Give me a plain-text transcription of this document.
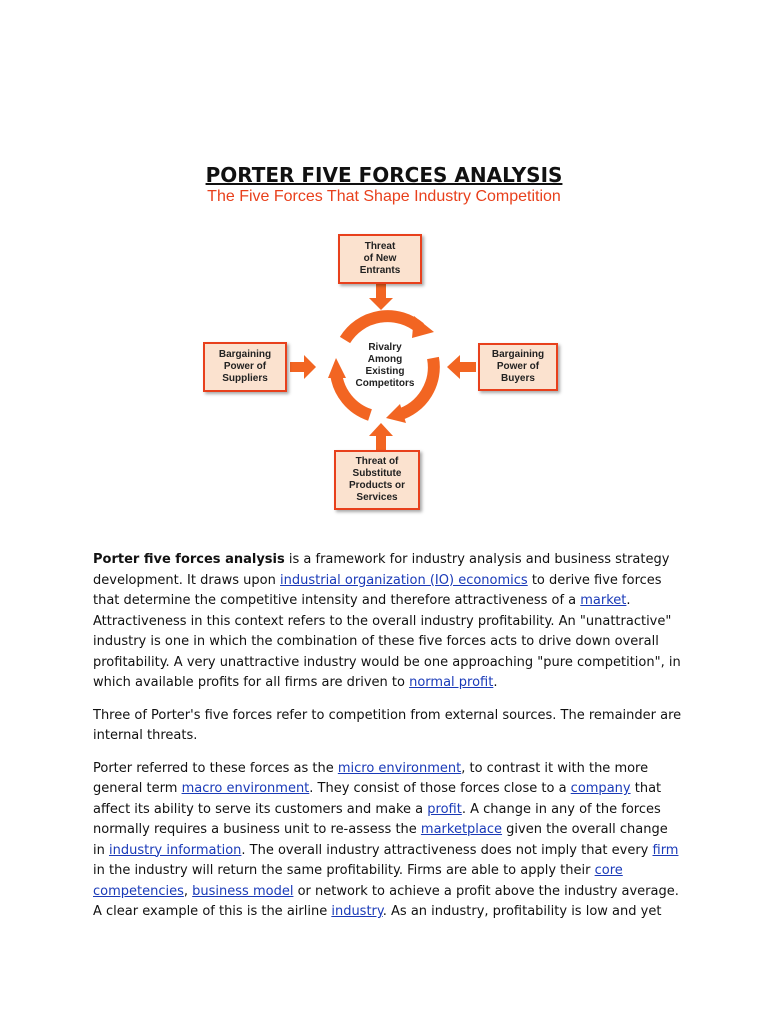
PORTER FIVE FORCES ANALYSIS
The Five Forces That Shape Industry Competition
Threat
of New
Entrants
Bargaining
Power of
Suppliers
Bargaining
Power of
Buyers
Threat of
Substitute
Products or
Services
Rivalry
Among
Existing
Competitors

Porter five forces analysis is a framework for industry analysis and business strategy development. It draws upon industrial organization (IO) economics to derive five forces that determine the competitive intensity and therefore attractiveness of a market. Attractiveness in this context refers to the overall industry profitability. An "unattractive" industry is one in which the combination of these five forces acts to drive down overall profitability. A very unattractive industry would be one approaching "pure competition", in which available profits for all firms are driven to normal profit.

Three of Porter's five forces refer to competition from external sources. The remainder are internal threats.

Porter referred to these forces as the micro environment, to contrast it with the more general term macro environment. They consist of those forces close to a company that affect its ability to serve its customers and make a profit. A change in any of the forces normally requires a business unit to re-assess the marketplace given the overall change in industry information. The overall industry attractiveness does not imply that every firm in the industry will return the same profitability. Firms are able to apply their core competencies, business model or network to achieve a profit above the industry average. A clear example of this is the airline industry. As an industry, profitability is low and yet
